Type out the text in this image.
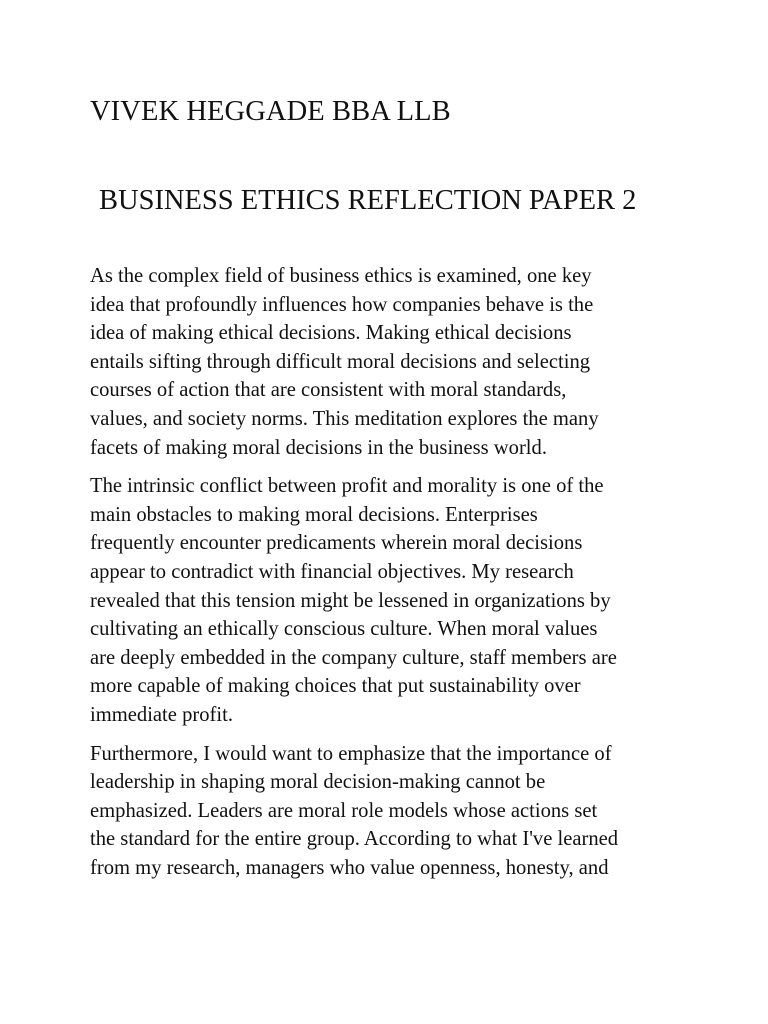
VIVEK HEGGADE BBA LLB
BUSINESS ETHICS REFLECTION PAPER 2

As the complex field of business ethics is examined, one key
idea that profoundly influences how companies behave is the
idea of making ethical decisions. Making ethical decisions
entails sifting through difficult moral decisions and selecting
courses of action that are consistent with moral standards,
values, and society norms. This meditation explores the many
facets of making moral decisions in the business world.

The intrinsic conflict between profit and morality is one of the
main obstacles to making moral decisions. Enterprises
frequently encounter predicaments wherein moral decisions
appear to contradict with financial objectives. My research
revealed that this tension might be lessened in organizations by
cultivating an ethically conscious culture. When moral values
are deeply embedded in the company culture, staff members are
more capable of making choices that put sustainability over
immediate profit.

Furthermore, I would want to emphasize that the importance of
leadership in shaping moral decision-making cannot be
emphasized. Leaders are moral role models whose actions set
the standard for the entire group. According to what I've learned
from my research, managers who value openness, honesty, and
